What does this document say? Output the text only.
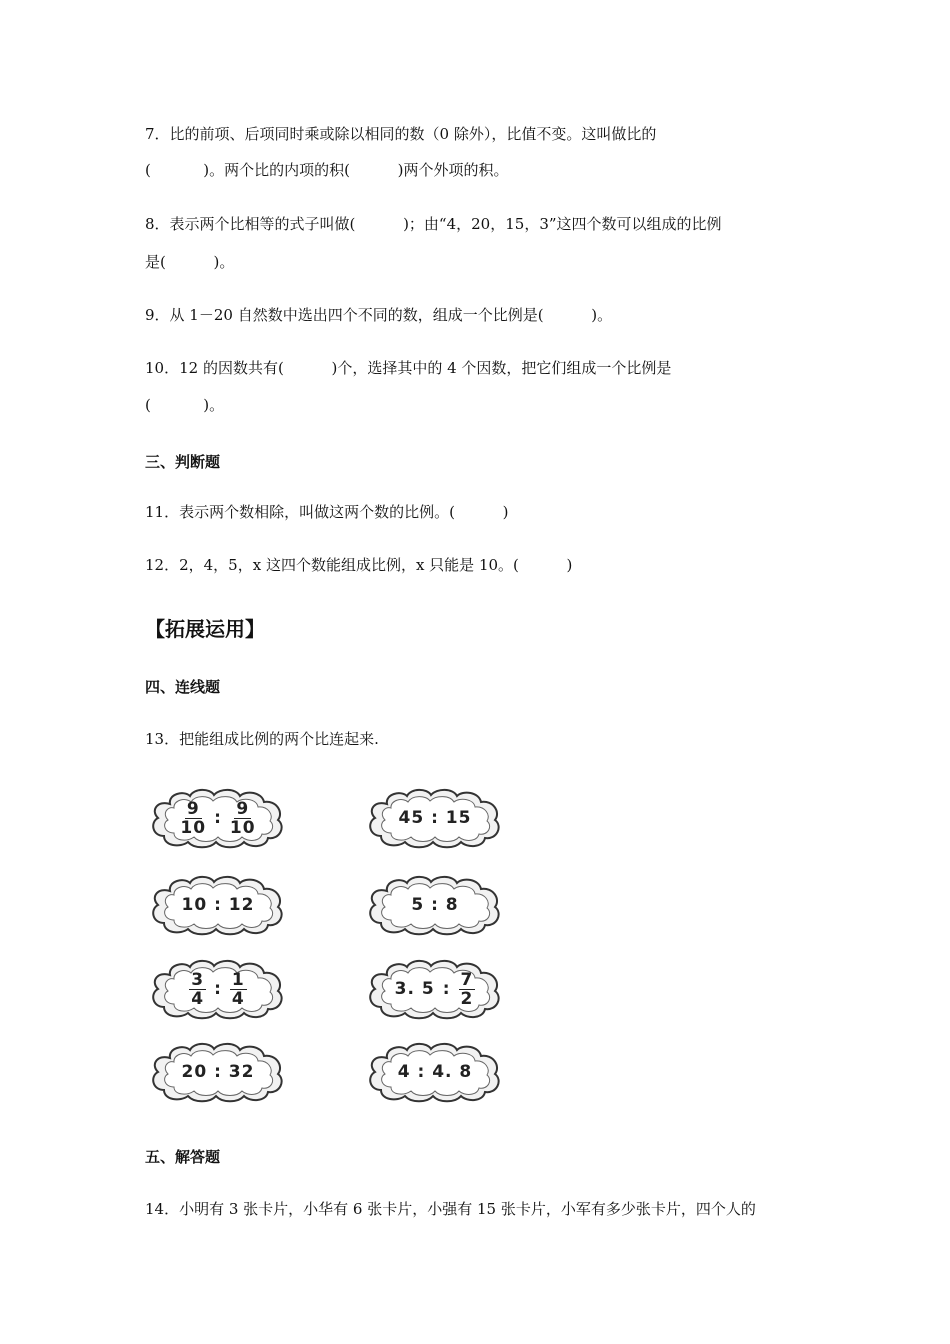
7．比的前项、后项同时乘或除以相同的数（0 除外），比值不变。这叫做比的
(           )。两个比的内项的积(          )两个外项的积。
8．表示两个比相等的式子叫做(          )；由“4，20，15，3”这四个数可以组成的比例
是(          )。
9．从 1－20 自然数中选出四个不同的数，组成一个比例是(          )。
10．12 的因数共有(          )个，选择其中的 4 个因数，把它们组成一个比例是
(           )。
三、判断题
11．表示两个数相除，叫做这两个数的比例。(          )
12．2，4，5，x 这四个数能组成比例，x 只能是 10。(          )
【拓展运用】
四、连线题
13．把能组成比例的两个比连起来.
$\frac{9}{10}$ : $\frac{9}{10}$
10 : 12
$\frac{3}{4}$ : $\frac{1}{4}$
20 : 32
45 : 15
5 : 8
3. 5 : $\frac{7}{2}$
4 : 4. 8
五、解答题
14．小明有 3 张卡片，小华有 6 张卡片，小强有 15 张卡片，小军有多少张卡片，四个人的
